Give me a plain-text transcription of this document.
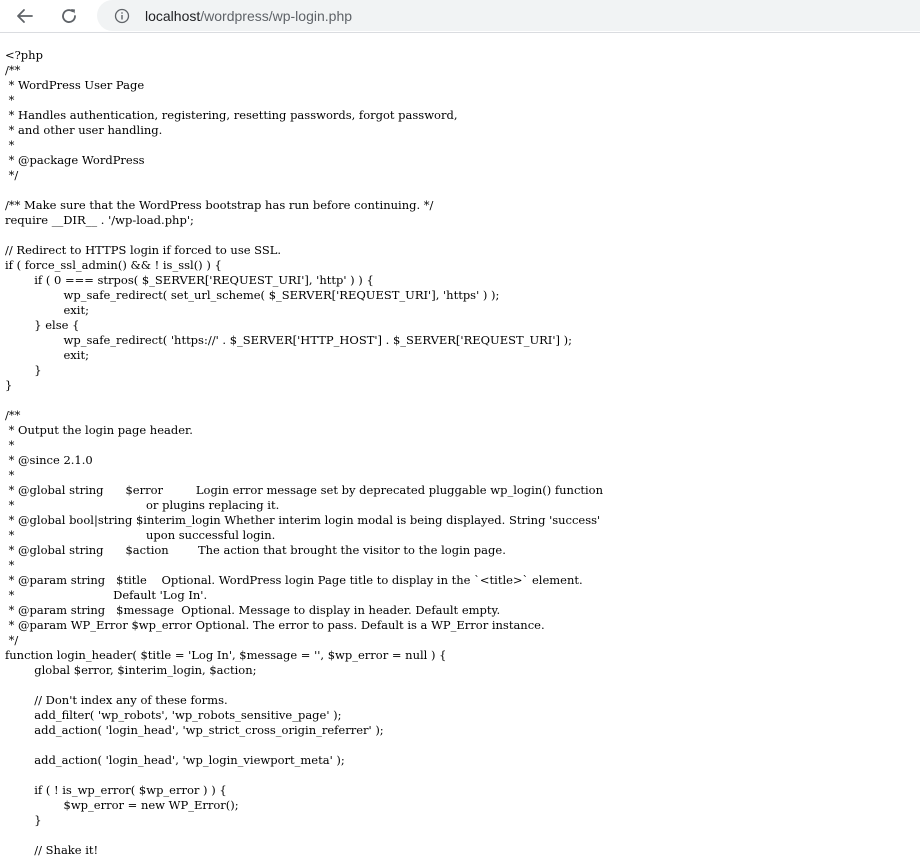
localhost/wordpress/wp-login.php
<?php
/**
* WordPress User Page
*
* Handles authentication, registering, resetting passwords, forgot password,
* and other user handling.
*
* @package WordPress
*/
/** Make sure that the WordPress bootstrap has run before continuing. */
require __DIR__ . '/wp-load.php';
// Redirect to HTTPS login if forced to use SSL.
if ( force_ssl_admin() && ! is_ssl() ) {
	if ( 0 === strpos( $_SERVER['REQUEST_URI'], 'http' ) ) {
		wp_safe_redirect( set_url_scheme( $_SERVER['REQUEST_URI'], 'https' ) );
		exit;
	} else {
		wp_safe_redirect( 'https://' . $_SERVER['HTTP_HOST'] . $_SERVER['REQUEST_URI'] );
		exit;
	}
}
/**
* Output the login page header.
*
* @since 2.1.0
*
* @global string      $error         Login error message set by deprecated pluggable wp_login() function
*                                    or plugins replacing it.
* @global bool|string $interim_login Whether interim login modal is being displayed. String 'success'
*                                    upon successful login.
* @global string      $action        The action that brought the visitor to the login page.
*
* @param string   $title    Optional. WordPress login Page title to display in the `<title>` element.
*                           Default 'Log In'.
* @param string   $message  Optional. Message to display in header. Default empty.
* @param WP_Error $wp_error Optional. The error to pass. Default is a WP_Error instance.
*/
function login_header( $title = 'Log In', $message = '', $wp_error = null ) {
	global $error, $interim_login, $action;
	// Don't index any of these forms.
	add_filter( 'wp_robots', 'wp_robots_sensitive_page' );
	add_action( 'login_head', 'wp_strict_cross_origin_referrer' );
	add_action( 'login_head', 'wp_login_viewport_meta' );
	if ( ! is_wp_error( $wp_error ) ) {
		$wp_error = new WP_Error();
	}
	// Shake it!
